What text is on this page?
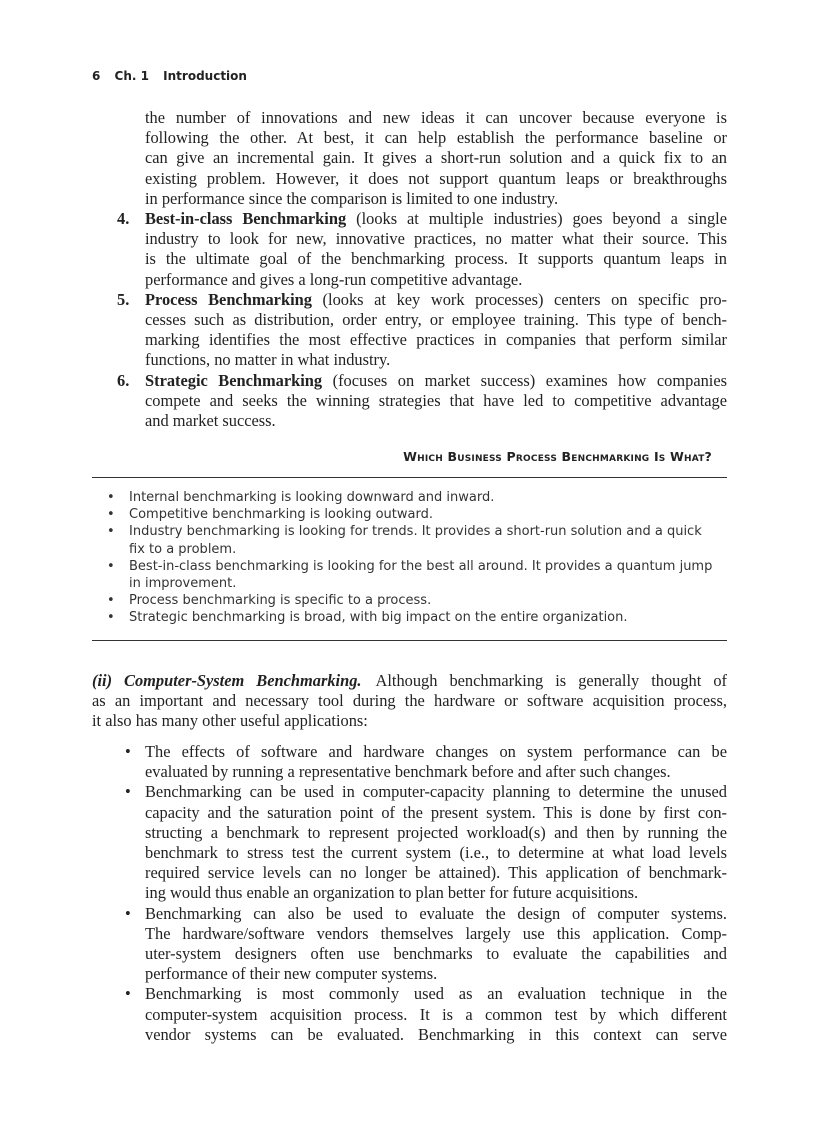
6 Ch. 1 Introduction
the number of innovations and new ideas it can uncover because everyone is
following the other. At best, it can help establish the performance baseline or
can give an incremental gain. It gives a short-run solution and a quick fix to an
existing problem. However, it does not support quantum leaps or breakthroughs
in performance since the comparison is limited to one industry.
4. Best-in-class Benchmarking (looks at multiple industries) goes beyond a single
industry to look for new, innovative practices, no matter what their source. This
is the ultimate goal of the benchmarking process. It supports quantum leaps in
performance and gives a long-run competitive advantage.
5. Process Benchmarking (looks at key work processes) centers on specific pro-
cesses such as distribution, order entry, or employee training. This type of bench-
marking identifies the most effective practices in companies that perform similar
functions, no matter in what industry.
6. Strategic Benchmarking (focuses on market success) examines how companies
compete and seeks the winning strategies that have led to competitive advantage
and market success.
Which Business Process Benchmarking Is What?
• Internal benchmarking is looking downward and inward.
• Competitive benchmarking is looking outward.
• Industry benchmarking is looking for trends. It provides a short-run solution and a quick fix to a problem.
• Best-in-class benchmarking is looking for the best all around. It provides a quantum jump in improvement.
• Process benchmarking is specific to a process.
• Strategic benchmarking is broad, with big impact on the entire organization.
(ii) Computer-System Benchmarking. Although benchmarking is generally thought of
as an important and necessary tool during the hardware or software acquisition process,
it also has many other useful applications:
• The effects of software and hardware changes on system performance can be
evaluated by running a representative benchmark before and after such changes.
• Benchmarking can be used in computer-capacity planning to determine the unused
capacity and the saturation point of the present system. This is done by first con-
structing a benchmark to represent projected workload(s) and then by running the
benchmark to stress test the current system (i.e., to determine at what load levels
required service levels can no longer be attained). This application of benchmark-
ing would thus enable an organization to plan better for future acquisitions.
• Benchmarking can also be used to evaluate the design of computer systems.
The hardware/software vendors themselves largely use this application. Comp-
uter-system designers often use benchmarks to evaluate the capabilities and
performance of their new computer systems.
• Benchmarking is most commonly used as an evaluation technique in the
computer-system acquisition process. It is a common test by which different
vendor systems can be evaluated. Benchmarking in this context can serve
